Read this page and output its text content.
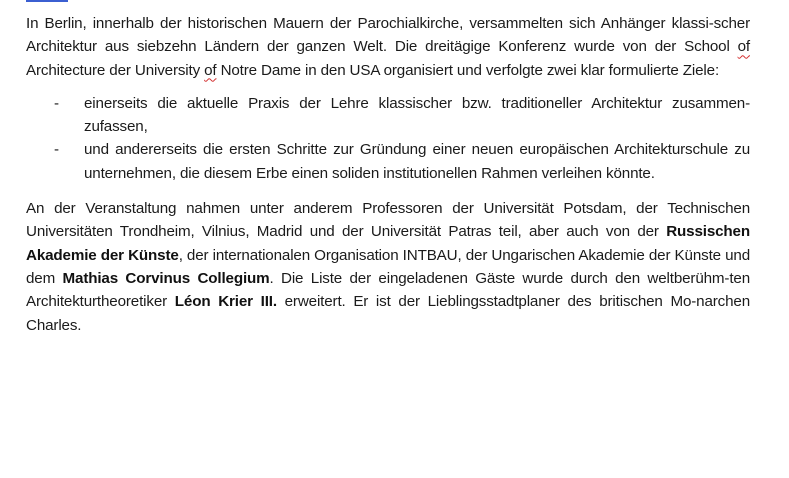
In Berlin, innerhalb der historischen Mauern der Parochialkirche, versammelten sich Anhänger klassi-scher Architektur aus siebzehn Ländern der ganzen Welt. Die dreitägige Konferenz wurde von der School of Architecture der University of Notre Dame in den USA organisiert und verfolgte zwei klar formulierte Ziele:

- einerseits die aktuelle Praxis der Lehre klassischer bzw. traditioneller Architektur zusammen-zufassen,
- und andererseits die ersten Schritte zur Gründung einer neuen europäischen Architekturschule zu unternehmen, die diesem Erbe einen soliden institutionellen Rahmen verleihen könnte.

An der Veranstaltung nahmen unter anderem Professoren der Universität Potsdam, der Technischen Universitäten Trondheim, Vilnius, Madrid und der Universität Patras teil, aber auch von der Russischen Akademie der Künste, der internationalen Organisation INTBAU, der Ungarischen Akademie der Künste und dem Mathias Corvinus Collegium. Die Liste der eingeladenen Gäste wurde durch den weltberühm-ten Architekturtheoretiker Léon Krier III. erweitert. Er ist der Lieblingsstadtplaner des britischen Mo-narchen Charles.
